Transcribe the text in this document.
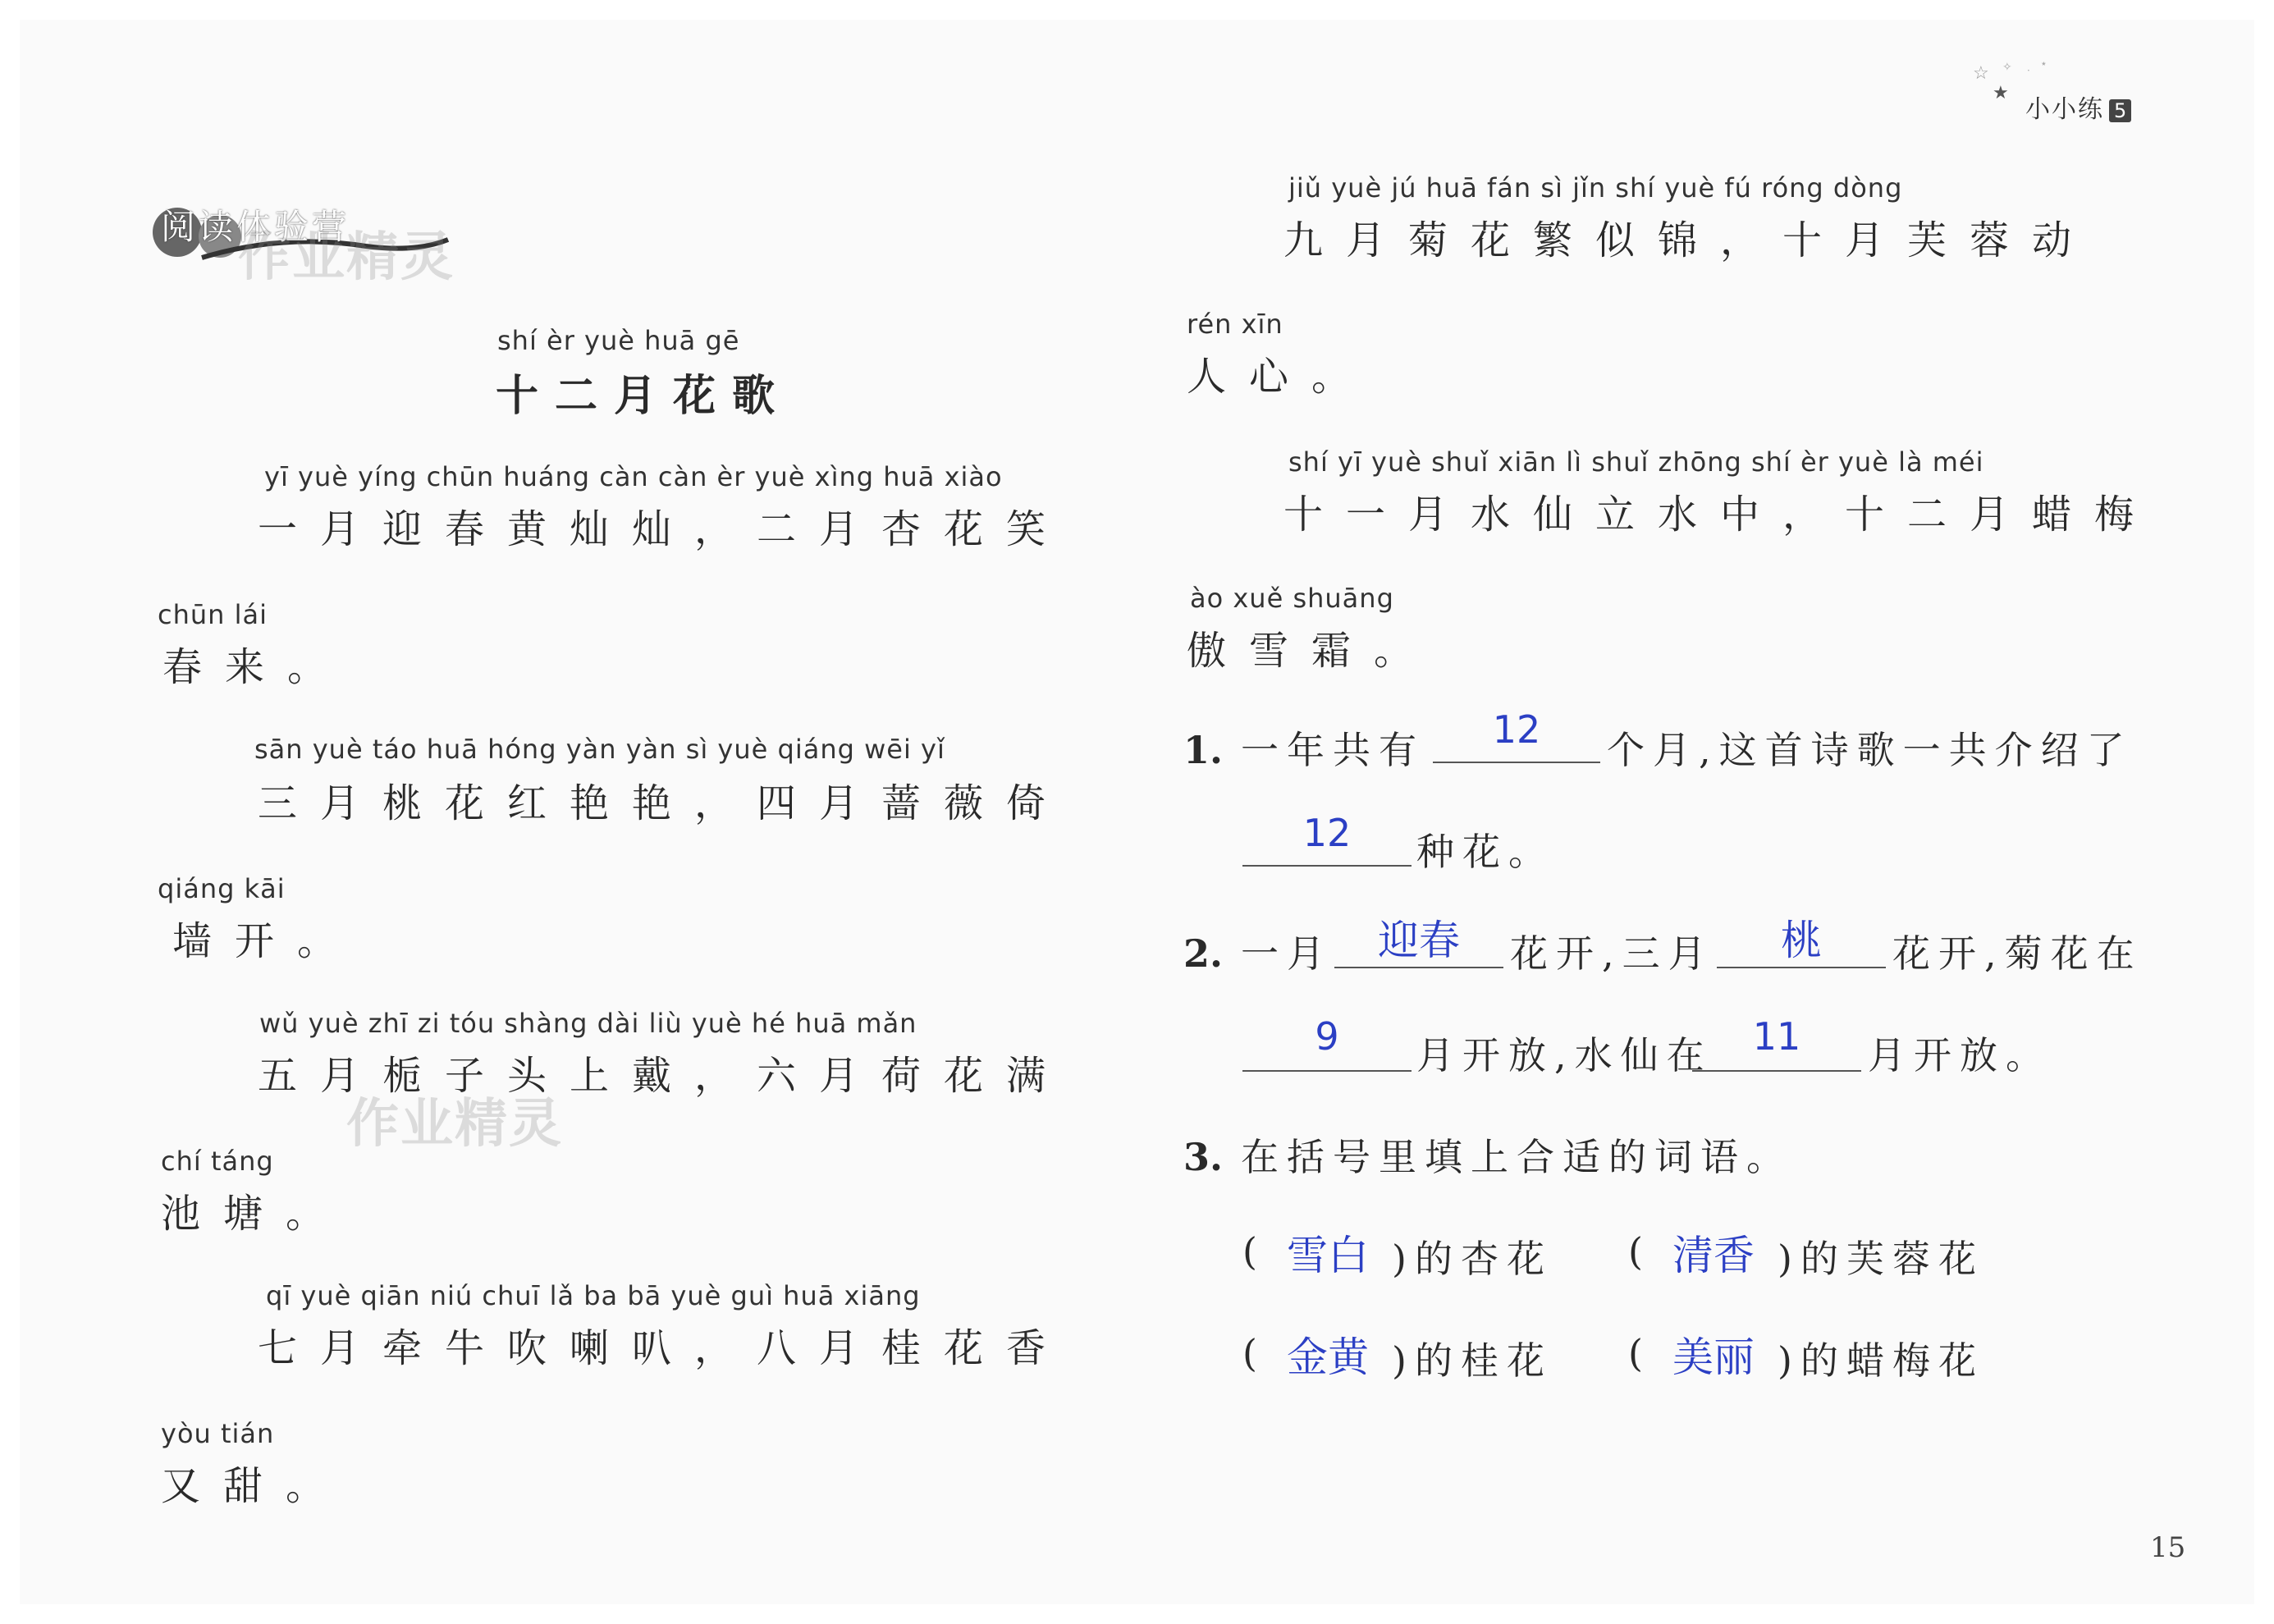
☆ ✧
★
· ⋆
小小练 5
阅读体验营
作业精灵
作业精灵
shí èr yuè huā gē
十二月花歌
yī yuè yíng chūn huáng càn càn èr yuè xìng huā xiào
一月迎春黄灿灿，二月杏花笑
chūn lái
春来。
sān yuè táo huā hóng yàn yàn sì yuè qiáng wēi yǐ
三月桃花红艳艳，四月蔷薇倚
qiáng kāi
墙开。
wǔ yuè zhī zi tóu shàng dài liù yuè hé huā mǎn
五月栀子头上戴，六月荷花满
chí táng
池塘。
qī yuè qiān niú chuī lǎ ba bā yuè guì huā xiāng
七月牵牛吹喇叭，八月桂花香
yòu tián
又甜。
jiǔ yuè jú huā fán sì jǐn shí yuè fú róng dòng
九月菊花繁似锦，十月芙蓉动
rén xīn
人心。
shí yī yuè shuǐ xiān lì shuǐ zhōng shí èr yuè là méi
十一月水仙立水中，十二月蜡梅
ào xuě shuāng
傲雪霜。
1. 一年共有	12	个月,这首诗歌一共介绍了
12	种花。
2. 一月	迎春	花开,三月	桃	花开,菊花在
9	月开放,水仙在	11	月开放。
3. 在括号里填上合适的词语。
( 雪白 )的杏花 ( 清香 )的芙蓉花
( 金黄 )的桂花 ( 美丽 )的蜡梅花
15
